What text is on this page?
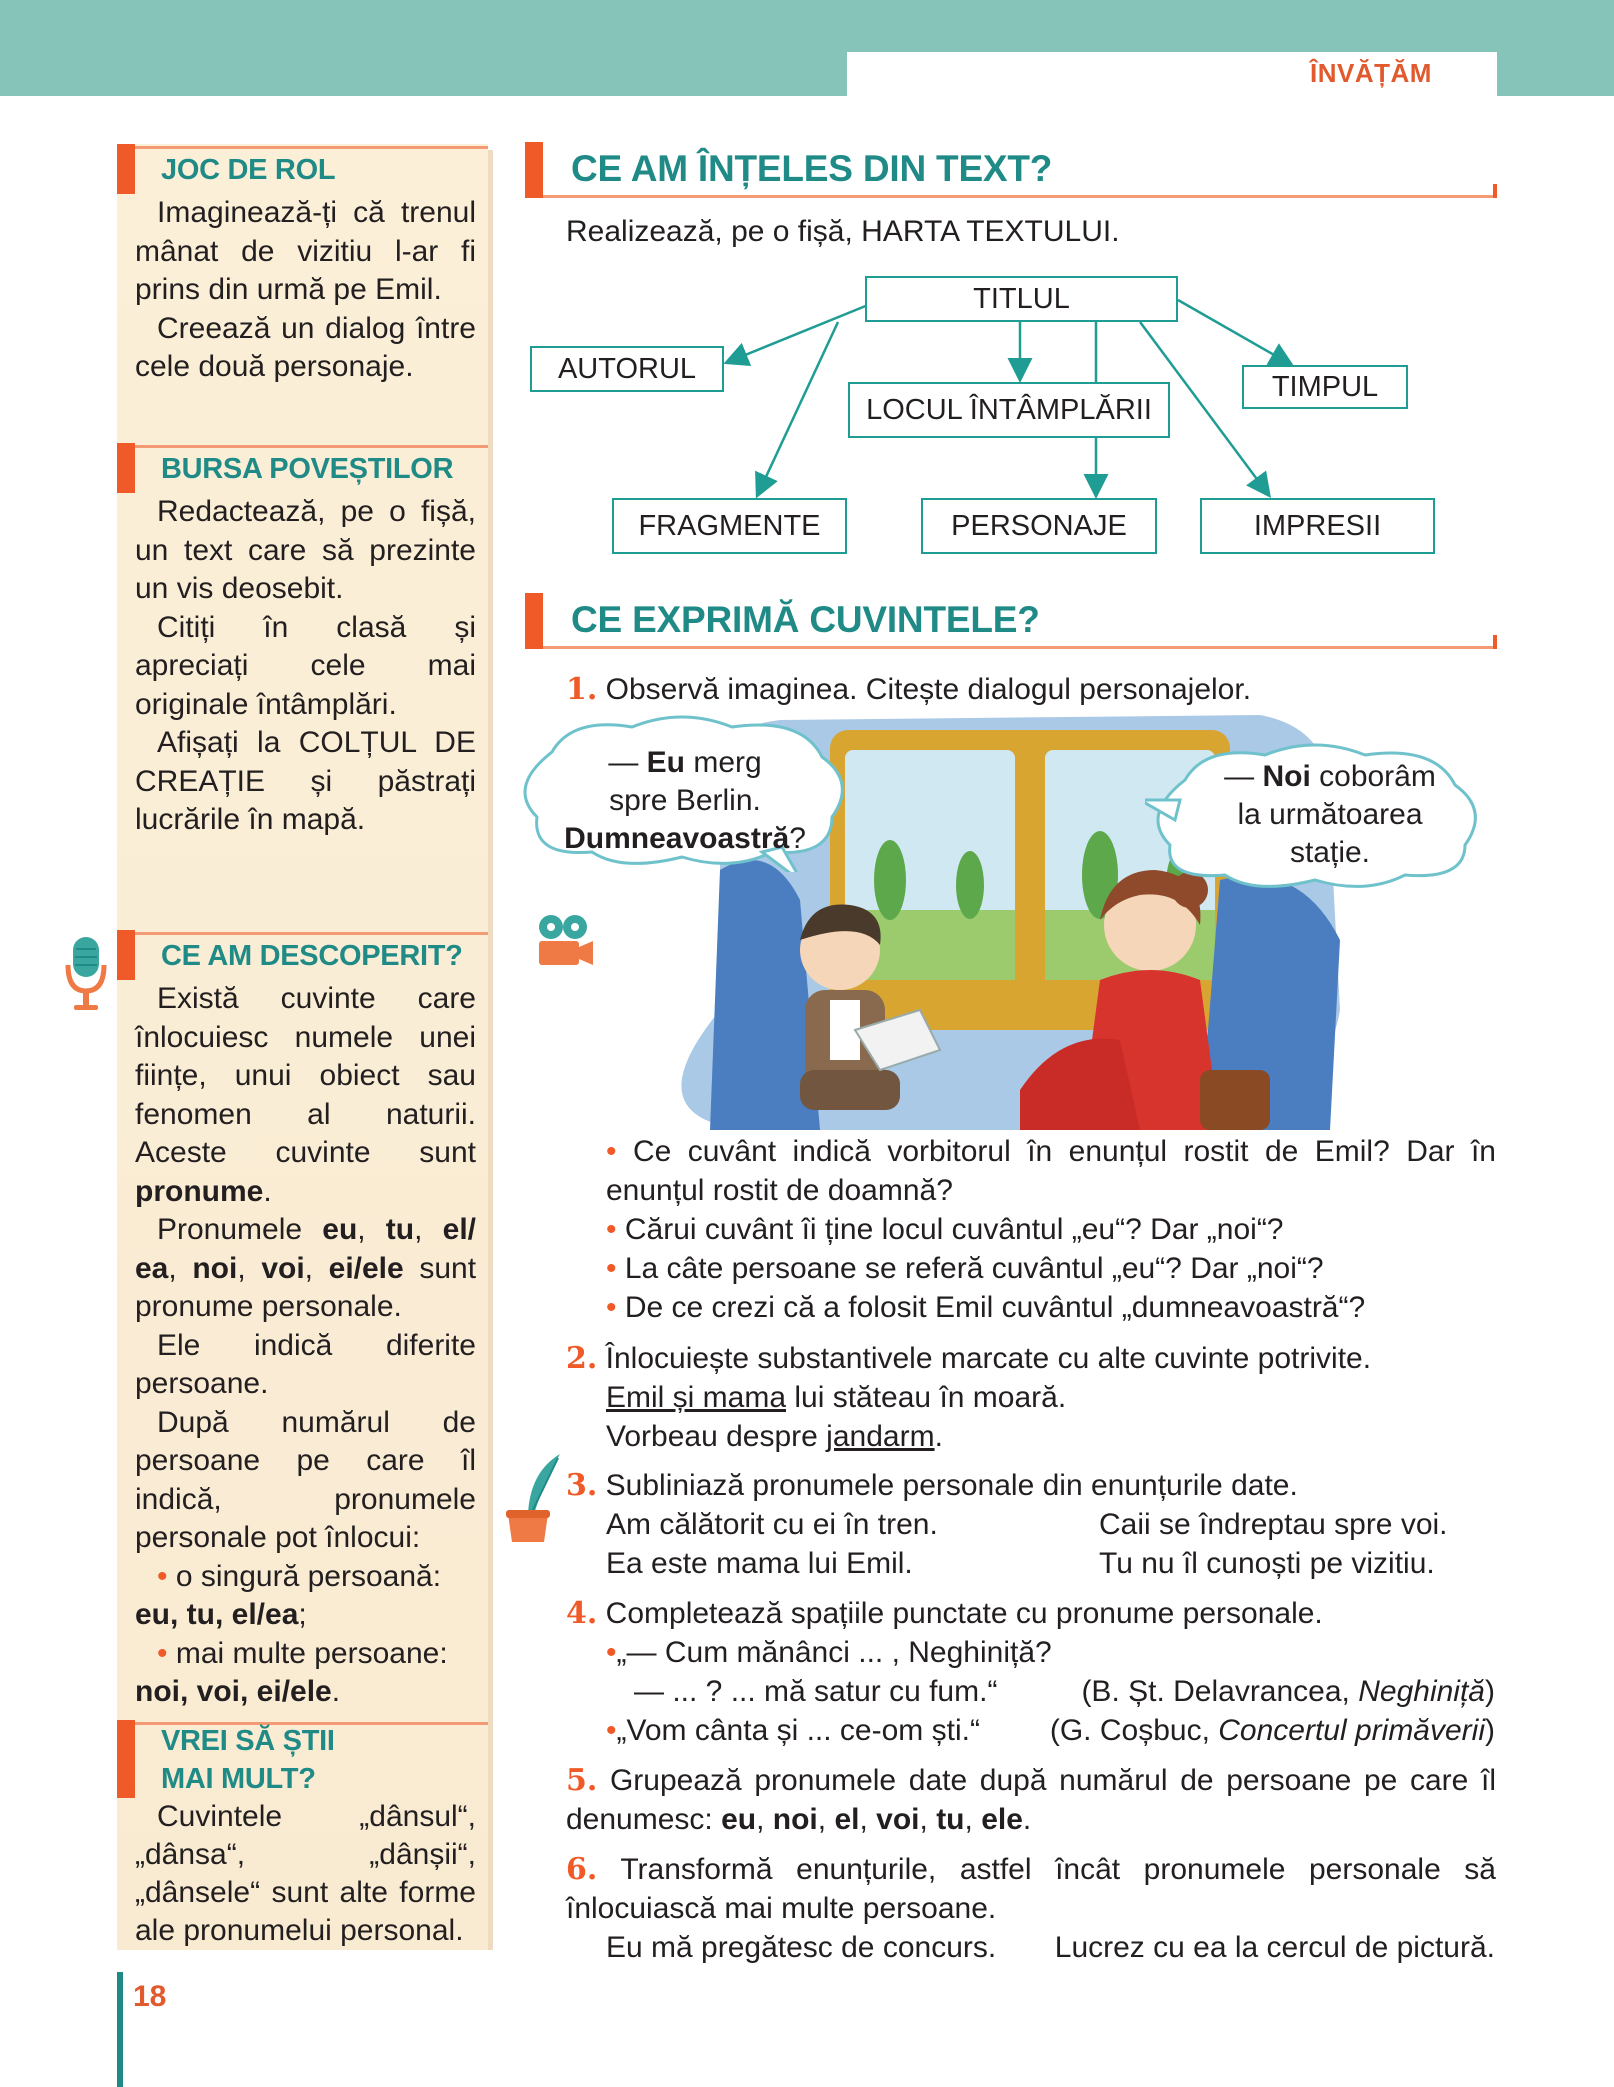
ÎNVĂȚĂM
JOC DE ROL

Imaginează-ți că trenul mânat de vizitiu l-ar fi prins din urmă pe Emil.

Creează un dialog între cele două personaje.

BURSA POVEȘTILOR

Redactează, pe o fișă, un text care să prezinte un vis deosebit.

Citiți în clasă și apreciați cele mai originale întâmplări.

Afișați la COLȚUL DE CREAȚIE și păstrați lucrările în mapă.

CE AM DESCOPERIT?

Există cuvinte care înlocuiesc numele unei ființe, unui obiect sau fenomen al naturii. Aceste cuvinte sunt pronume.

Pronumele eu, tu, el/ ea, noi, voi, ei/ele sunt pronume personale.

Ele indică diferite persoane.

După numărul de persoane pe care îl indică, pronumele personale pot înlocui:

• o singură persoană:

eu, tu, el/ea;

• mai multe persoane:

noi, voi, ei/ele.

VREI SĂ ȘTII
MAI MULT?

Cuvintele „dânsul“, „dânsa“, „dânșii“, „dânsele“ sunt alte forme ale pronumelui personal.

18
CE AM ÎNȚELES DIN TEXT?
Realizează, pe o fișă, HARTA TEXTULUI.
TITLUL
AUTORUL
LOCUL ÎNTÂMPLĂRII
TIMPUL
FRAGMENTE	PERSONAJE	IMPRESII
CE EXPRIMĂ CUVINTELE?
1. Observă imaginea. Citește dialogul personajelor.
— Eu merg
spre Berlin.
Dumneavoastră?
— Noi coborâm
la următoarea
stație.
• Ce cuvânt indică vorbitorul în enunțul rostit de Emil? Dar în
enunțul rostit de doamnă?
• Cărui cuvânt îi ține locul cuvântul „eu“? Dar „noi“?
• La câte persoane se referă cuvântul „eu“? Dar „noi“?
• De ce crezi că a folosit Emil cuvântul „dumneavoastră“?
2. Înlocuiește substantivele marcate cu alte cuvinte potrivite.
Emil și mama lui stăteau în moară.
Vorbeau despre jandarm.
3. Subliniază pronumele personale din enunțurile date.
Am călătorit cu ei în tren.	Caii se îndreptau spre voi.
Ea este mama lui Emil.	Tu nu îl cunoști pe vizitiu.
4. Completează spațiile punctate cu pronume personale.
•„— Cum mănânci ... , Neghiniță?
— ... ? ... mă satur cu fum.“	(B. Șt. Delavrancea, Neghiniță)
•„Vom cânta și ... ce-om ști.“ (G. Coșbuc, Concertul primăverii)
5. Grupează pronumele date după numărul de persoane pe care îl
denumesc: eu, noi, el, voi, tu, ele.
6. Transformă enunțurile, astfel încât pronumele personale să
înlocuiască mai multe persoane.
Eu mă pregătesc de concurs. Lucrez cu ea la cercul de pictură.
